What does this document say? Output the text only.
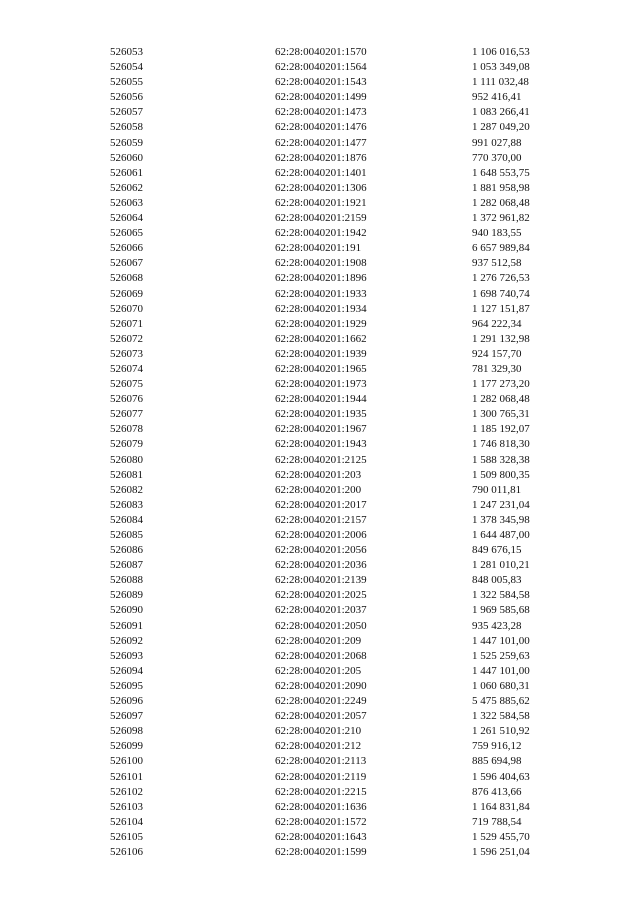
526053	62:28:0040201:1570	1 106 016,53
526054	62:28:0040201:1564	1 053 349,08
526055	62:28:0040201:1543	1 111 032,48
526056	62:28:0040201:1499	952 416,41
526057	62:28:0040201:1473	1 083 266,41
526058	62:28:0040201:1476	1 287 049,20
526059	62:28:0040201:1477	991 027,88
526060	62:28:0040201:1876	770 370,00
526061	62:28:0040201:1401	1 648 553,75
526062	62:28:0040201:1306	1 881 958,98
526063	62:28:0040201:1921	1 282 068,48
526064	62:28:0040201:2159	1 372 961,82
526065	62:28:0040201:1942	940 183,55
526066	62:28:0040201:191	6 657 989,84
526067	62:28:0040201:1908	937 512,58
526068	62:28:0040201:1896	1 276 726,53
526069	62:28:0040201:1933	1 698 740,74
526070	62:28:0040201:1934	1 127 151,87
526071	62:28:0040201:1929	964 222,34
526072	62:28:0040201:1662	1 291 132,98
526073	62:28:0040201:1939	924 157,70
526074	62:28:0040201:1965	781 329,30
526075	62:28:0040201:1973	1 177 273,20
526076	62:28:0040201:1944	1 282 068,48
526077	62:28:0040201:1935	1 300 765,31
526078	62:28:0040201:1967	1 185 192,07
526079	62:28:0040201:1943	1 746 818,30
526080	62:28:0040201:2125	1 588 328,38
526081	62:28:0040201:203	1 509 800,35
526082	62:28:0040201:200	790 011,81
526083	62:28:0040201:2017	1 247 231,04
526084	62:28:0040201:2157	1 378 345,98
526085	62:28:0040201:2006	1 644 487,00
526086	62:28:0040201:2056	849 676,15
526087	62:28:0040201:2036	1 281 010,21
526088	62:28:0040201:2139	848 005,83
526089	62:28:0040201:2025	1 322 584,58
526090	62:28:0040201:2037	1 969 585,68
526091	62:28:0040201:2050	935 423,28
526092	62:28:0040201:209	1 447 101,00
526093	62:28:0040201:2068	1 525 259,63
526094	62:28:0040201:205	1 447 101,00
526095	62:28:0040201:2090	1 060 680,31
526096	62:28:0040201:2249	5 475 885,62
526097	62:28:0040201:2057	1 322 584,58
526098	62:28:0040201:210	1 261 510,92
526099	62:28:0040201:212	759 916,12
526100	62:28:0040201:2113	885 694,98
526101	62:28:0040201:2119	1 596 404,63
526102	62:28:0040201:2215	876 413,66
526103	62:28:0040201:1636	1 164 831,84
526104	62:28:0040201:1572	719 788,54
526105	62:28:0040201:1643	1 529 455,70
526106	62:28:0040201:1599	1 596 251,04
